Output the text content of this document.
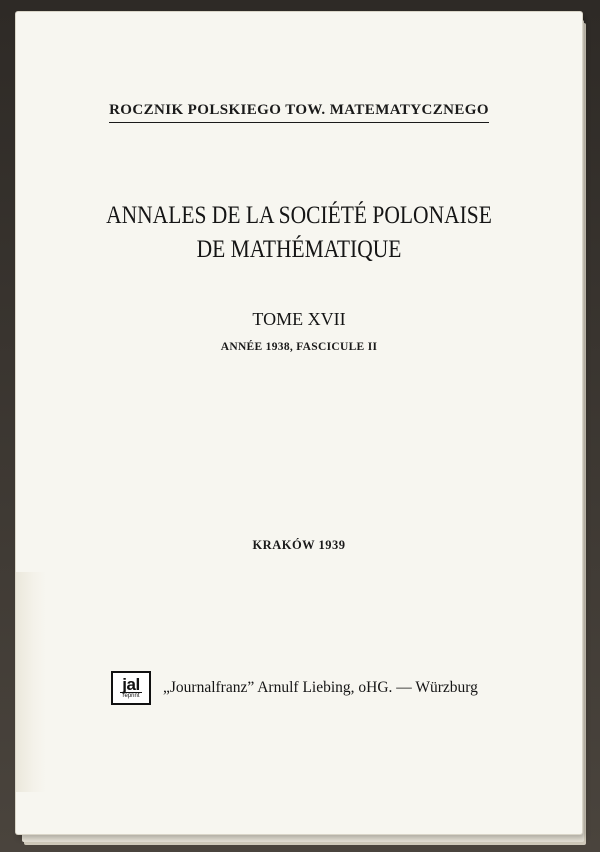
ROCZNIK POLSKIEGO TOW. MATEMATYCZNEGO
ANNALES DE LA SOCIÉTÉ POLONAISE
DE MATHÉMATIQUE
TOME XVII
ANNÉE 1938, FASCICULE II
KRAKÓW 1939
jal
reprint „Journalfranz” Arnulf Liebing, oHG. — Würzburg
